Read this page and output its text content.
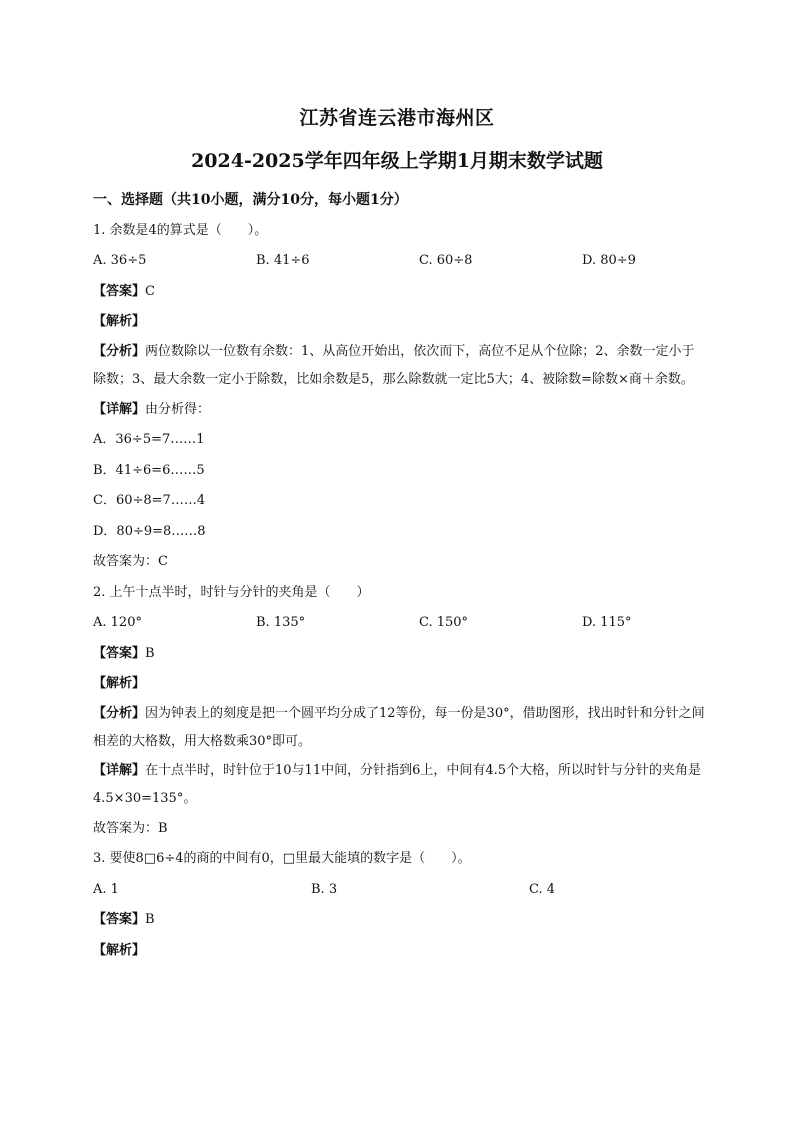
江苏省连云港市海州区
2024-2025学年四年级上学期1月期末数学试题
一、选择题（共10小题，满分10分，每小题1分）
1. 余数是4的算式是（　　）。
A. 36÷5	B. 41÷6	C. 60÷8	D. 80÷9
【答案】C
【解析】
【分析】两位数除以一位数有余数：1、从高位开始出，依次而下，高位不足从个位除；2、余数一定小于除数；3、最大余数一定小于除数，比如余数是5，那么除数就一定比5大；4、被除数=除数×商＋余数。
【详解】由分析得：
A．36÷5=7……1
B．41÷6=6……5
C．60÷8=7……4
D．80÷9=8……8
故答案为：C
2. 上午十点半时，时针与分针的夹角是（　　）
A. 120°	B. 135°	C. 150°	D. 115°
【答案】B
【解析】
【分析】因为钟表上的刻度是把一个圆平均分成了12等份，每一份是30°，借助图形，找出时针和分针之间相差的大格数，用大格数乘30°即可。
【详解】在十点半时，时针位于10与11中间，分针指到6上，中间有4.5个大格，所以时针与分针的夹角是4.5×30=135°。
故答案为：B
3. 要使8□6÷4的商的中间有0，□里最大能填的数字是（　　）。
A. 1	B. 3	C. 4
【答案】B
【解析】
